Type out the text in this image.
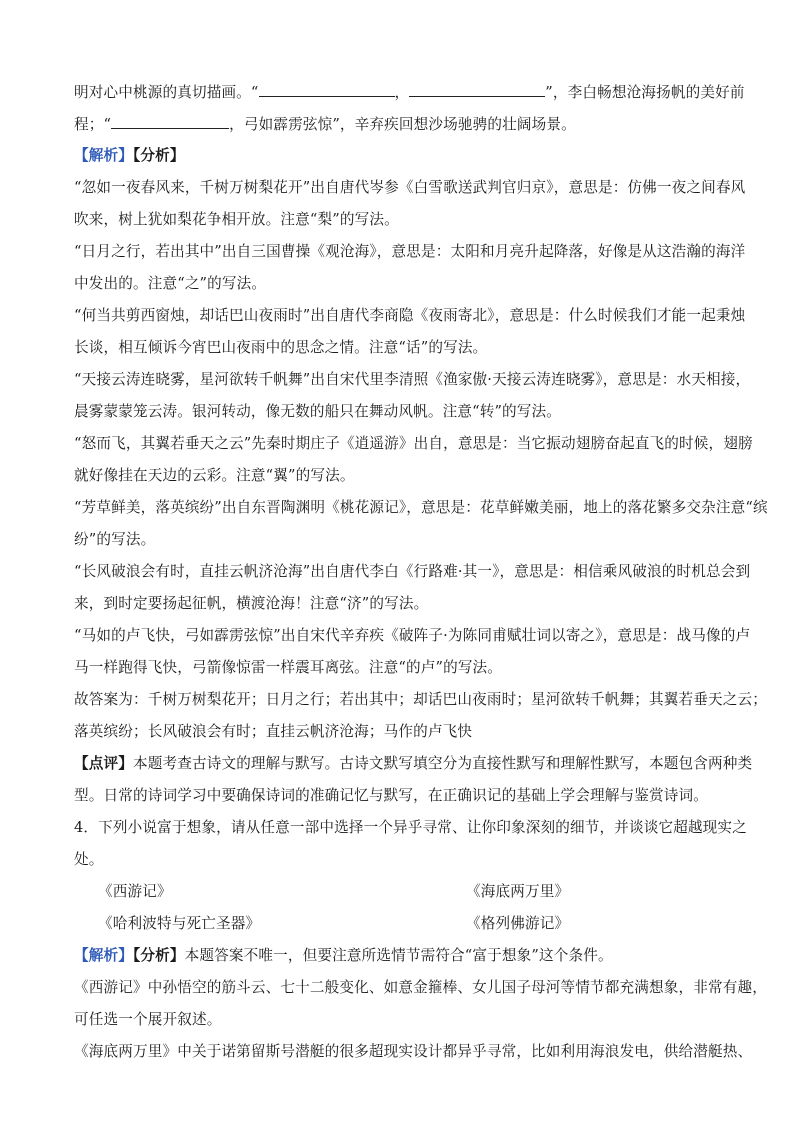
明对心中桃源的真切描画。“	，	”，李白畅想沧海扬帆的美好前
程；“	，弓如霹雳弦惊”，辛弃疾回想沙场驰骋的壮阔场景。
【解析】【分析】
“忽如一夜春风来，千树万树梨花开”出自唐代岑参《白雪歌送武判官归京》，意思是：仿佛一夜之间春风
吹来，树上犹如梨花争相开放。注意“梨”的写法。
“日月之行，若出其中”出自三国曹操《观沧海》，意思是：太阳和月亮升起降落，好像是从这浩瀚的海洋
中发出的。注意“之”的写法。
“何当共剪西窗烛，却话巴山夜雨时”出自唐代李商隐《夜雨寄北》，意思是：什么时候我们才能一起秉烛
长谈，相互倾诉今宵巴山夜雨中的思念之情。注意“话”的写法。
“天接云涛连晓雾，星河欲转千帆舞”出自宋代里李清照《渔家傲·天接云涛连晓雾》，意思是：水天相接，
晨雾蒙蒙笼云涛。银河转动，像无数的船只在舞动风帆。注意“转”的写法。
“怒而飞，其翼若垂天之云”先秦时期庄子《逍遥游》出自，意思是：当它振动翅膀奋起直飞的时候，翅膀
就好像挂在天边的云彩。注意“翼”的写法。
“芳草鲜美，落英缤纷”出自东晋陶渊明《桃花源记》，意思是：花草鲜嫩美丽，地上的落花繁多交杂注意“缤
纷”的写法。
“长风破浪会有时，直挂云帆济沧海”出自唐代李白《行路难·其一》，意思是：相信乘风破浪的时机总会到
来，到时定要扬起征帆，横渡沧海！注意“济”的写法。
“马如的卢飞快，弓如霹雳弦惊”出自宋代辛弃疾《破阵子·为陈同甫赋壮词以寄之》，意思是：战马像的卢
马一样跑得飞快，弓箭像惊雷一样震耳离弦。注意“的卢”的写法。
故答案为：千树万树梨花开；日月之行；若出其中；却话巴山夜雨时；星河欲转千帆舞；其翼若垂天之云；
落英缤纷；长风破浪会有时；直挂云帆济沧海；马作的卢飞快
【点评】本题考查古诗文的理解与默写。古诗文默写填空分为直接性默写和理解性默写，本题包含两种类
型。日常的诗词学习中要确保诗词的准确记忆与默写，在正确识记的基础上学会理解与鉴赏诗词。
4．下列小说富于想象，请从任意一部中选择一个异乎寻常、让你印象深刻的细节，并谈谈它超越现实之
处。
《西游记》	《海底两万里》
《哈利波特与死亡圣器》	《格列佛游记》
【解析】【分析】本题答案不唯一，但要注意所选情节需符合“富于想象”这个条件。
《西游记》中孙悟空的筋斗云、七十二般变化、如意金箍棒、女儿国子母河等情节都充满想象，非常有趣，
可任选一个展开叙述。
《海底两万里》中关于诺第留斯号潜艇的很多超现实设计都异乎寻常，比如利用海浪发电，供给潜艇热、
